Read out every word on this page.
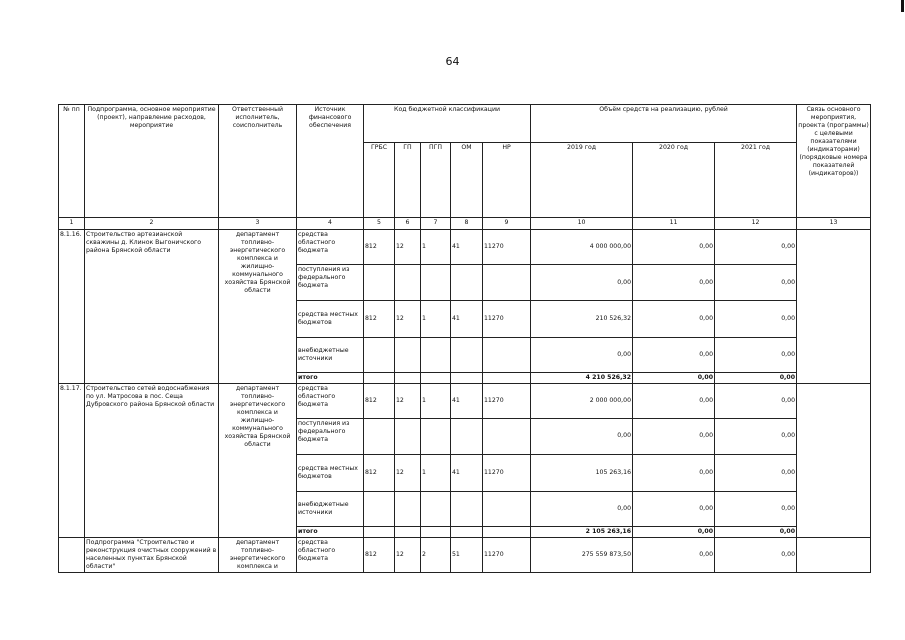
64
№ пп	Подпрограмма, основное мероприятие (проект), направление расходов, мероприятие	Ответственный исполнитель, соисполнитель	Источник финансового обеспечения	Код бюджетной классификации					Объём средств на реализацию, рублей			Связь основного мероприятия, проекта (программы) с целевыми показателями (индикаторами) (порядковые номера показателей (индикаторов))
				ГРБС	ГП	ПГП	ОМ	НР	2019 год	2020 год	2021 год	
1	2	3	4	5	6	7	8	9	10	11	12	13
8.1.16.	Строительство артезианской скважины д. Клинок Выгоничского района Брянской области	департамент топливно-энергетического комплекса и жилищно-коммунального хозяйства Брянской области	средства областного бюджета	812	12	1	41	11270	4 000 000,00	0,00	0,00	
			поступления из федерального бюджета						0,00	0,00	0,00	
			средства местных бюджетов	812	12	1	41	11270	210 526,32	0,00	0,00	
			внебюджетные источники						0,00	0,00	0,00	
			итого						4 210 526,32	0,00	0,00	
8.1.17.	Строительство сетей водоснабжения по ул. Матросова в пос. Сеща Дубровского района Брянской области	департамент топливно-энергетического комплекса и жилищно-коммунального хозяйства Брянской области	средства областного бюджета	812	12	1	41	11270	2 000 000,00	0,00	0,00	
			поступления из федерального бюджета						0,00	0,00	0,00	
			средства местных бюджетов	812	12	1	41	11270	105 263,16	0,00	0,00	
			внебюджетные источники						0,00	0,00	0,00	
			итого						2 105 263,16	0,00	0,00	
	Подпрограмма "Строительство и реконструкция очистных сооружений в населенных пунктах Брянской области"	департамент топливно-энергетического комплекса и	средства областного бюджета	812	12	2	51	11270	275 559 873,50	0,00	0,00	
